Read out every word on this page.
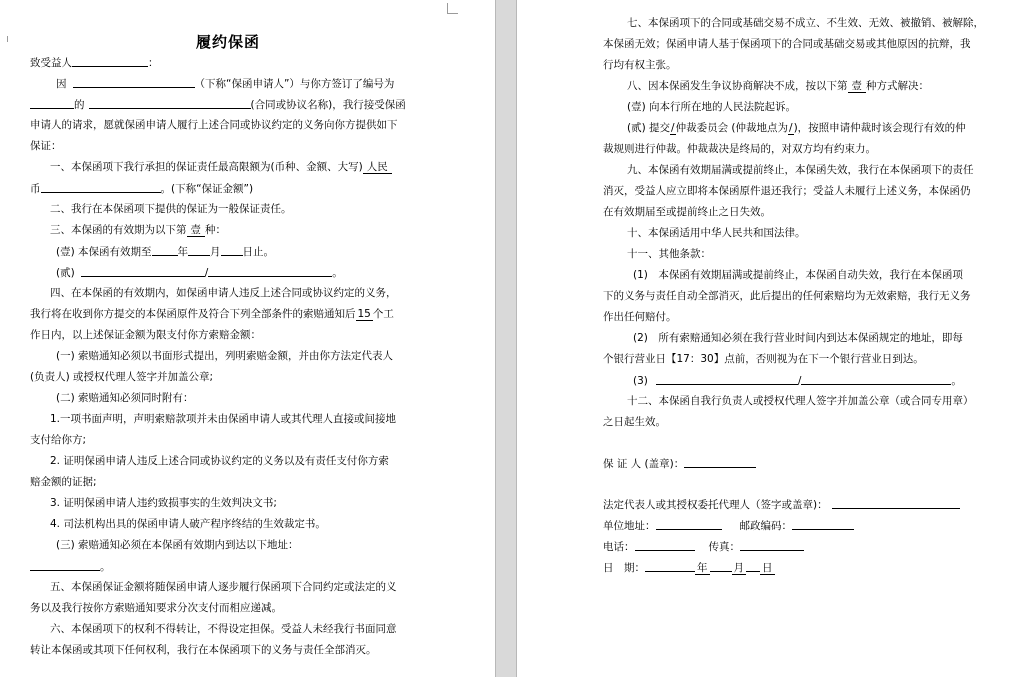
履约保函
致受益人	：
因	（下称“保函申请人”）与你方签订了编号为
的	(合同或协议名称)，我行接受保函
申请人的请求，愿就保函申请人履行上述合同或协议约定的义务向你方提供如下
保证：
一、本保函项下我行承担的保证责任最高限额为(币种、金额、大写) 人民
币	。(下称“保证金额”)
二、我行在本保函项下提供的保证为一般保证责任。
三、本保函的有效期为以下第 壹 种：
(壹) 本保函有效期至 年 月 日止。
(贰)	/	。
四、在本保函的有效期内，如保函申请人违反上述合同或协议约定的义务，
我行将在收到你方提交的本保函原件及符合下列全部条件的索赔通知后 15 个工
作日内，以上述保证金额为限支付你方索赔金额：
(一) 索赔通知必须以书面形式提出，列明索赔金额，并由你方法定代表人
(负责人) 或授权代理人签字并加盖公章;
(二) 索赔通知必须同时附有：
1.一项书面声明，声明索赔款项并未由保函申请人或其代理人直接或间接地
支付给你方;
2. 证明保函申请人违反上述合同或协议约定的义务以及有责任支付你方索
赔金额的证据;
3. 证明保函申请人违约致损事实的生效判决文书;
4. 司法机构出具的保函申请人破产程序终结的生效裁定书。
(三) 索赔通知必须在本保函有效期内到达以下地址：
。
五、本保函保证金额将随保函申请人逐步履行保函项下合同约定或法定的义
务以及我行按你方索赔通知要求分次支付而相应递减。
六、本保函项下的权利不得转让，不得设定担保。受益人未经我行书面同意
转让本保函或其项下任何权利，我行在本保函项下的义务与责任全部消灭。
七、本保函项下的合同或基础交易不成立、不生效、无效、被撤销、被解除，
本保函无效；保函申请人基于保函项下的合同或基础交易或其他原因的抗辩，我
行均有权主张。
八、因本保函发生争议协商解决不成，按以下第 壹 种方式解决：
(壹) 向本行所在地的人民法院起诉。
(贰) 提交/仲裁委员会 (仲裁地点为/)，按照申请仲裁时该会现行有效的仲
裁规则进行仲裁。仲裁裁决是终局的，对双方均有约束力。
九、本保函有效期届满或提前终止，本保函失效，我行在本保函项下的责任
消灭，受益人应立即将本保函原件退还我行；受益人未履行上述义务，本保函仍
在有效期届至或提前终止之日失效。
十、本保函适用中华人民共和国法律。
十一、其他条款：
(1)　本保函有效期届满或提前终止，本保函自动失效，我行在本保函项
下的义务与责任自动全部消灭，此后提出的任何索赔均为无效索赔，我行无义务
作出任何赔付。
(2)　所有索赔通知必须在我行营业时间内到达本保函规定的地址，即每
个银行营业日【17：30】点前，否则视为在下一个银行营业日到达。
(3)	/	。
十二、本保函自我行负责人或授权代理人签字并加盖公章（或合同专用章）
之日起生效。
保 证 人 (盖章)：
法定代表人或其授权委托代理人（签字或盖章)：
单位地址：	邮政编码：
电话：	传真：
日　期：	年 月 日
